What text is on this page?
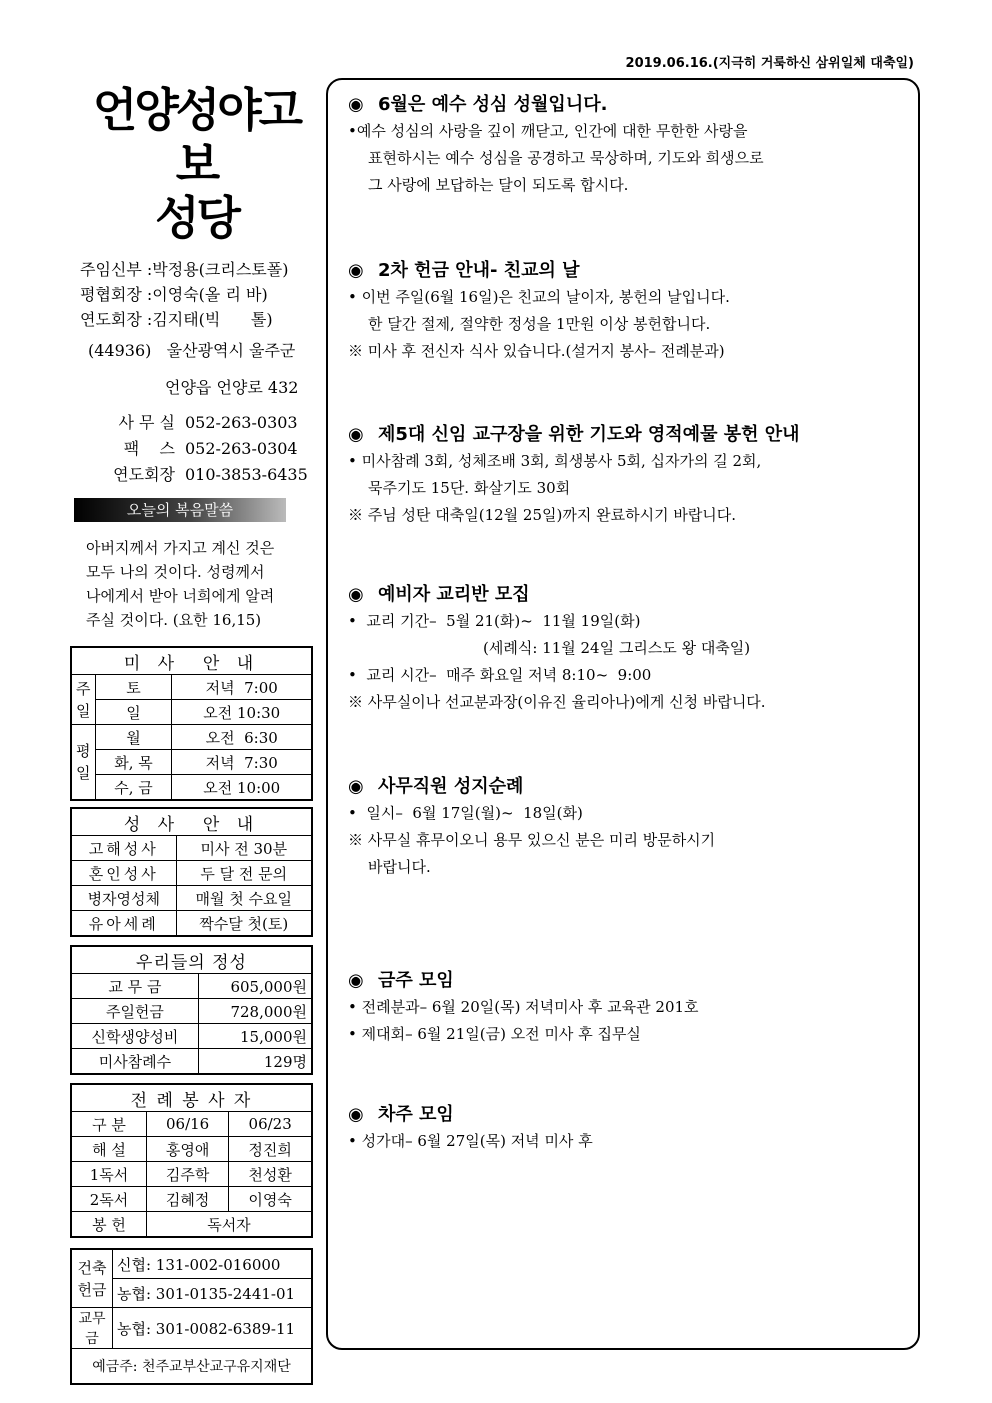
2019.06.16.(지극히 거룩하신 삼위일체 대축일)
언양성야고보
성당
주임신부 :박정용(크리스토폴)
평협회장 :이영숙(올 리 바)
연도회장 :김지태(빅      톨)
(44936)   울산광역시 울주군
언양읍 언양로 432
사 무 실 052-263-0303
팩    스 052-263-0304
연도회장 010-3853-6435
오늘의 복음말씀
아버지께서 가지고 계신 것은
모두 나의 것이다. 성령께서
나에게서 받아 너희에게 알려
주실 것이다. (요한 16,15)
미 사  안 내		
주일	토	저녁  7:00
	일	오전 10:30
평일	월	오전  6:30
	화, 목	저녁  7:30
	수, 금	오전 10:00
성 사  안 내	
고해성사	미사 전 30분
혼인성사	두 달 전 문의
병자영성체	매월 첫 수요일
유아세례	짝수달 첫(토)
우리들의 정성	
교 무 금	605,000원
주일헌금	728,000원
신학생양성비	15,000원
미사참례수	129명
전 례 봉 사 자		
구 분	06/16	06/23
해 설	홍영애	정진희
1독서	김주학	천성환
2독서	김혜정	이영숙
봉 헌	독서자	
건축 헌금	신협: 131-002-016000
	농협: 301-0135-2441-01
교무금	농협: 301-0082-6389-11
예금주: 천주교부산교구유지재단	
◉ 6월은 예수 성심 성월입니다.

•예수 성심의 사랑을 깊이 깨닫고, 인간에 대한 무한한 사랑을

표현하시는 예수 성심을 공경하고 묵상하며, 기도와 희생으로

그 사랑에 보답하는 달이 되도록 합시다.

◉ 2차 헌금 안내- 친교의 날

• 이번 주일(6월 16일)은 친교의 날이자, 봉헌의 날입니다.

한 달간 절제, 절약한 정성을 1만원 이상 봉헌합니다.

※ 미사 후 전신자 식사 있습니다.(설거지 봉사– 전례분과)

◉ 제5대 신임 교구장을 위한 기도와 영적예물 봉헌 안내

• 미사참례 3회, 성체조배 3회, 희생봉사 5회, 십자가의 길 2회,

묵주기도 15단. 화살기도 30회

※ 주님 성탄 대축일(12월 25일)까지 완료하시기 바랍니다.

◉ 예비자 교리반 모집

•  교리 기간–  5월 21(화)~  11월 19일(화)

(세례식: 11월 24일 그리스도 왕 대축일)

•  교리 시간–  매주 화요일 저녁 8:10~  9:00

※ 사무실이나 선교분과장(이유진 율리아나)에게 신청 바랍니다.

◉ 사무직원 성지순례

•  일시–  6월 17일(월)~  18일(화)

※ 사무실 휴무이오니 용무 있으신 분은 미리 방문하시기

바랍니다.

◉ 금주 모임

• 전례분과– 6월 20일(목) 저녁미사 후 교육관 201호

• 제대회– 6월 21일(금) 오전 미사 후 집무실

◉ 차주 모임

• 성가대– 6월 27일(목) 저녁 미사 후
